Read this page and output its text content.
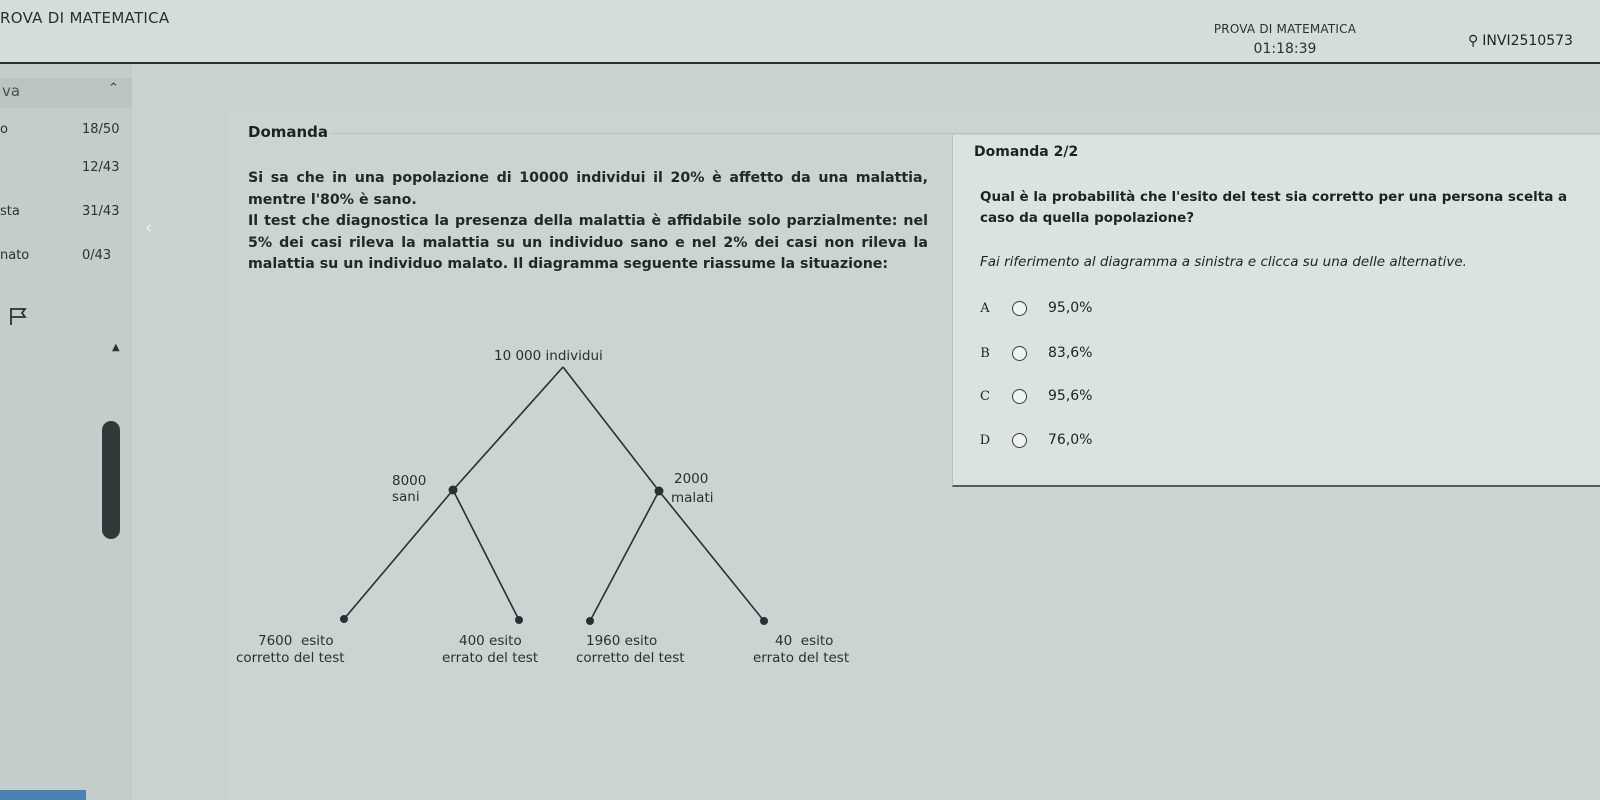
ROVA DI MATEMATICA
PROVA DI MATEMATICA
01:18:39	⚲ INVI2510573
va	⌃
o	18/50
12/43
sta	31/43
nato	0/43
▲
‹
Domanda

Si sa che in una popolazione di 10000 individui il 20% è affetto da una malattia, mentre l'80% è sano.

Il test che diagnostica la presenza della malattia è affidabile solo parzialmente: nel 5% dei casi rileva la malattia su un individuo sano e nel 2% dei casi non rileva la malattia su un individuo malato. Il diagramma seguente riassume la situazione:

10 000 individui
8000
sani
2000
malati
7600  esito
corretto del test
400 esito
errato del test
1960 esito
corretto del test
40  esito
errato del test
Domanda 2/2
Qual è la probabilità che l'esito del test sia corretto per una persona scelta a caso da quella popolazione?
Fai riferimento al diagramma a sinistra e clicca su una delle alternative.
A	95,0%
B	83,6%
C	95,6%
D	76,0%
